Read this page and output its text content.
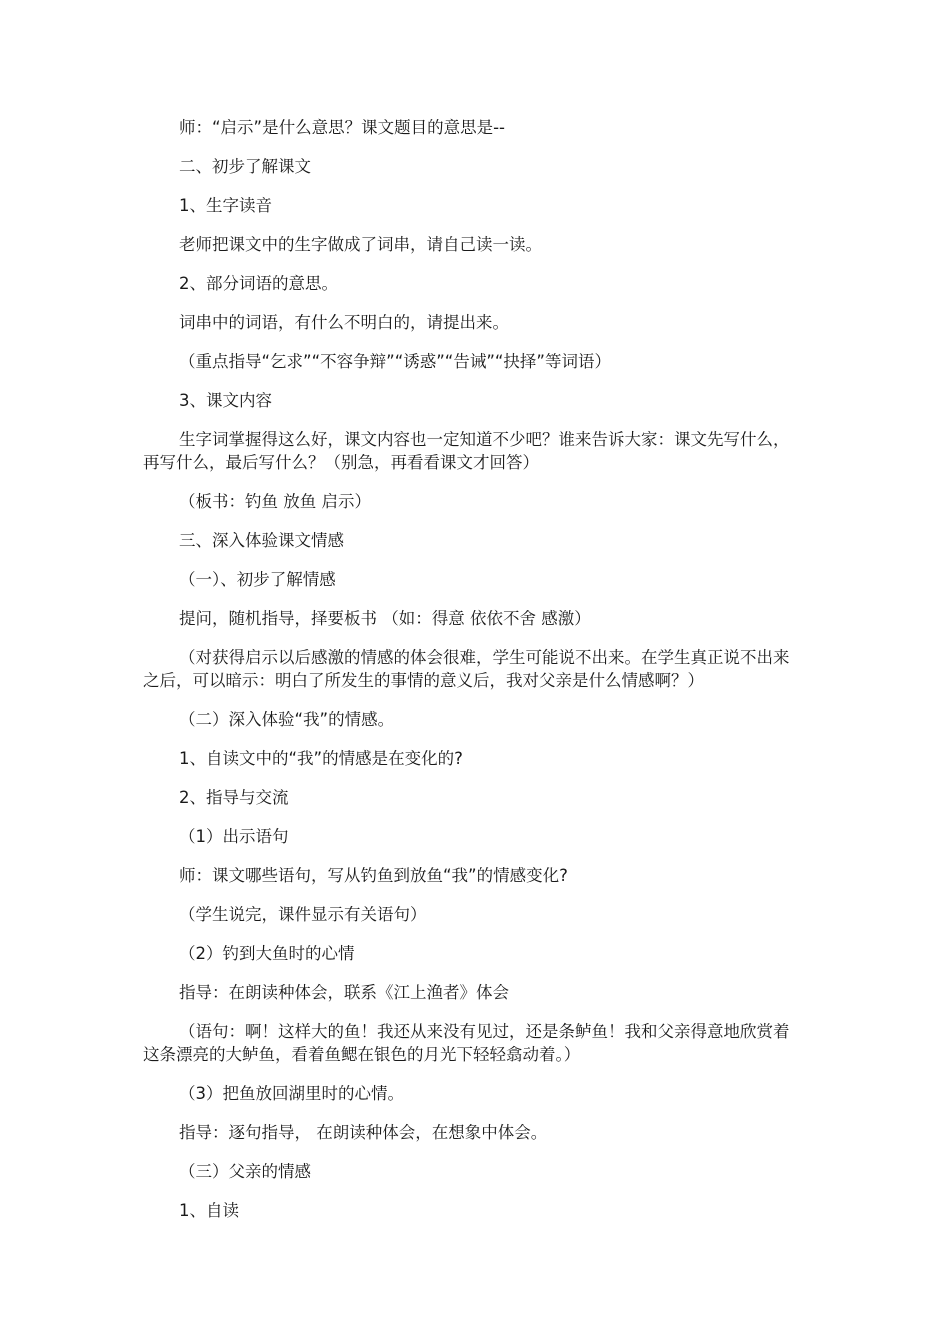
师：“启示”是什么意思？课文题目的意思是--

二、初步了解课文

1、生字读音

老师把课文中的生字做成了词串，请自己读一读。

2、部分词语的意思。

词串中的词语，有什么不明白的，请提出来。

（重点指导“乞求”“不容争辩”“诱惑”“告诫”“抉择”等词语）

3、课文内容

生字词掌握得这么好，课文内容也一定知道不少吧？谁来告诉大家：课文先写什么，再写什么，最后写什么？（别急，再看看课文才回答）

（板书：钓鱼 放鱼 启示）

三、深入体验课文情感

（一）、初步了解情感

提问，随机指导，择要板书 （如：得意 依依不舍 感激）

（对获得启示以后感激的情感的体会很难，学生可能说不出来。在学生真正说不出来之后，可以暗示：明白了所发生的事情的意义后，我对父亲是什么情感啊？）

（二）深入体验“我”的情感。

1、自读文中的“我”的情感是在变化的?

2、指导与交流

（1）出示语句

师：课文哪些语句，写从钓鱼到放鱼“我”的情感变化?

（学生说完，课件显示有关语句）

（2）钓到大鱼时的心情

指导：在朗读种体会，联系《江上渔者》体会

（语句：啊！这样大的鱼！我还从来没有见过，还是条鲈鱼！我和父亲得意地欣赏着这条漂亮的大鲈鱼，看着鱼鳃在银色的月光下轻轻翕动着。）

（3）把鱼放回湖里时的心情。

指导：逐句指导， 在朗读种体会，在想象中体会。

（三）父亲的情感

1、自读
